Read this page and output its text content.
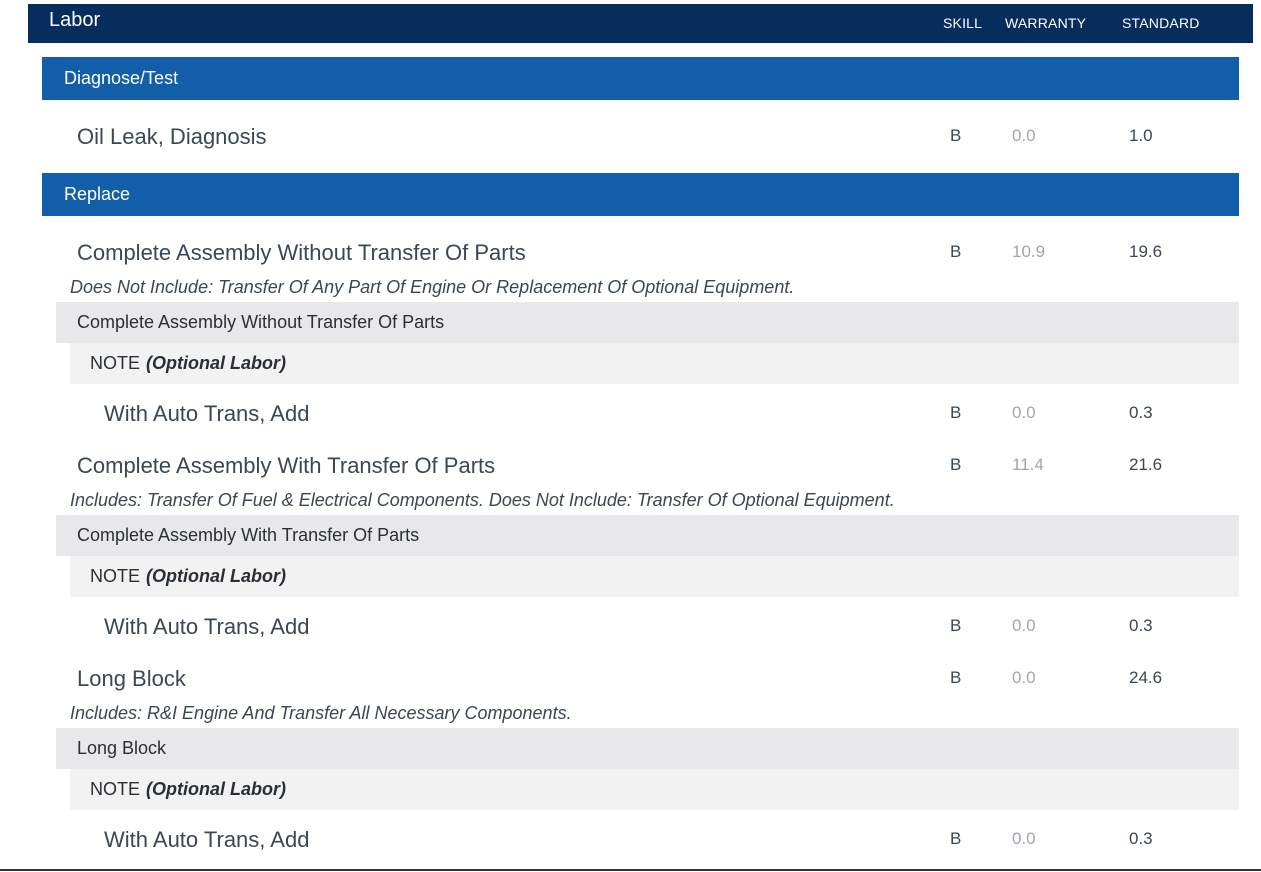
Labor	SKILL WARRANTY	STANDARD
Diagnose/Test
Oil Leak, Diagnosis	B	0.0	1.0
Replace
Complete Assembly Without Transfer Of Parts	B	10.9	19.6
Does Not Include: Transfer Of Any Part Of Engine Or Replacement Of Optional Equipment.
Complete Assembly Without Transfer Of Parts
NOTE (Optional Labor)
With Auto Trans, Add	B	0.0	0.3
Complete Assembly With Transfer Of Parts	B	11.4	21.6
Includes: Transfer Of Fuel & Electrical Components. Does Not Include: Transfer Of Optional Equipment.
Complete Assembly With Transfer Of Parts
NOTE (Optional Labor)
With Auto Trans, Add	B	0.0	0.3
Long Block	B	0.0	24.6
Includes: R&I Engine And Transfer All Necessary Components.
Long Block
NOTE (Optional Labor)
With Auto Trans, Add	B	0.0	0.3
